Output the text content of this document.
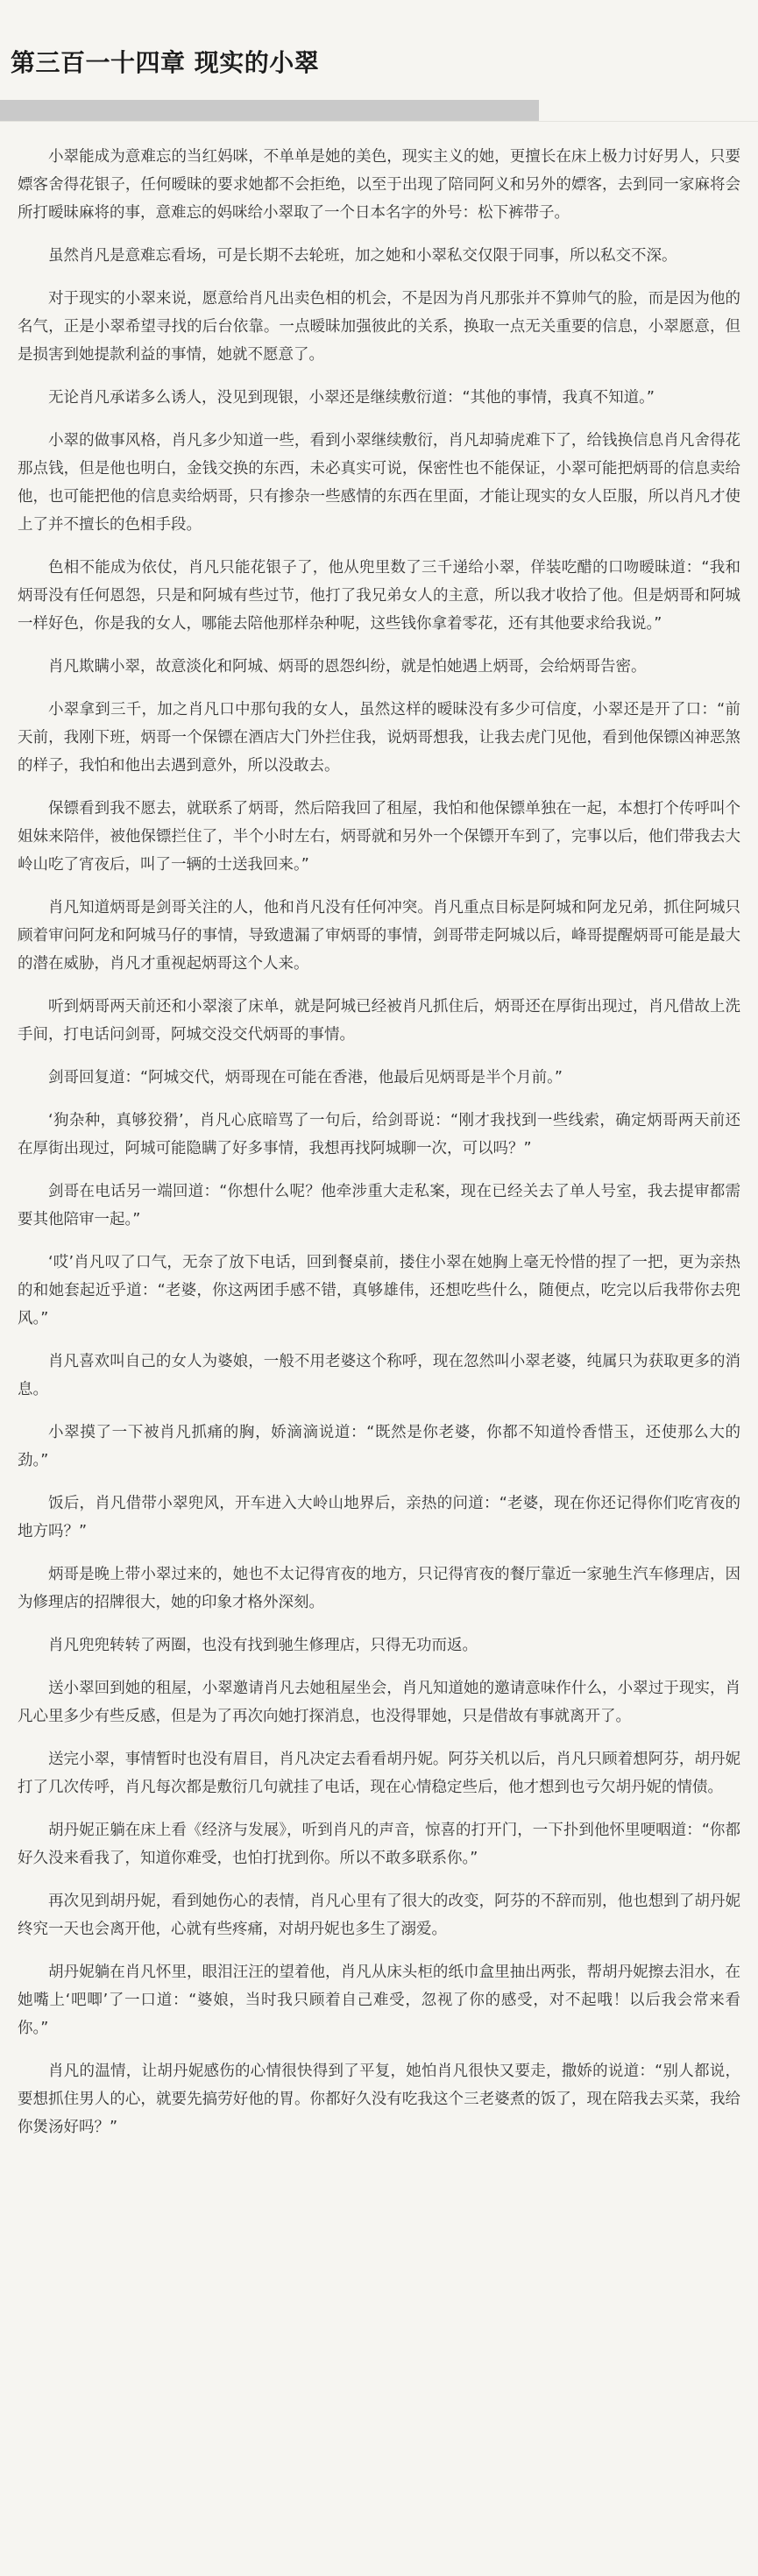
第三百一十四章 现实的小翠

小翠能成为意难忘的当红妈咪，不单单是她的美色，现实主义的她，更擅长在床上极力讨好男人，只要嫖客舍得花银子，任何暧昧的要求她都不会拒绝，以至于出现了陪同阿义和另外的嫖客，去到同一家麻将会所打暧昧麻将的事，意难忘的妈咪给小翠取了一个日本名字的外号：松下裤带子。

虽然肖凡是意难忘看场，可是长期不去轮班，加之她和小翠私交仅限于同事，所以私交不深。

对于现实的小翠来说，愿意给肖凡出卖色相的机会，不是因为肖凡那张并不算帅气的脸，而是因为他的名气，正是小翠希望寻找的后台依靠。一点暧昧加强彼此的关系，换取一点无关重要的信息，小翠愿意，但是损害到她提款利益的事情，她就不愿意了。

无论肖凡承诺多么诱人，没见到现银，小翠还是继续敷衍道：“其他的事情，我真不知道。”

小翠的做事风格，肖凡多少知道一些，看到小翠继续敷衍，肖凡却骑虎难下了，给钱换信息肖凡舍得花那点钱，但是他也明白，金钱交换的东西，未必真实可说，保密性也不能保证，小翠可能把炳哥的信息卖给他，也可能把他的信息卖给炳哥，只有掺杂一些感情的东西在里面，才能让现实的女人臣服，所以肖凡才使上了并不擅长的色相手段。

色相不能成为依仗，肖凡只能花银子了，他从兜里数了三千递给小翠，佯装吃醋的口吻暧昧道：“我和炳哥没有任何恩怨，只是和阿城有些过节，他打了我兄弟女人的主意，所以我才收拾了他。但是炳哥和阿城一样好色，你是我的女人，哪能去陪他那样杂种呢，这些钱你拿着零花，还有其他要求给我说。”

肖凡欺瞒小翠，故意淡化和阿城、炳哥的恩怨纠纷，就是怕她遇上炳哥，会给炳哥告密。

小翠拿到三千，加之肖凡口中那句我的女人，虽然这样的暧昧没有多少可信度，小翠还是开了口：“前天前，我刚下班，炳哥一个保镖在酒店大门外拦住我，说炳哥想我，让我去虎门见他，看到他保镖凶神恶煞的样子，我怕和他出去遇到意外，所以没敢去。

保镖看到我不愿去，就联系了炳哥，然后陪我回了租屋，我怕和他保镖单独在一起，本想打个传呼叫个姐妹来陪伴，被他保镖拦住了，半个小时左右，炳哥就和另外一个保镖开车到了，完事以后，他们带我去大岭山吃了宵夜后，叫了一辆的士送我回来。”

肖凡知道炳哥是剑哥关注的人，他和肖凡没有任何冲突。肖凡重点目标是阿城和阿龙兄弟，抓住阿城只顾着审问阿龙和阿城马仔的事情，导致遗漏了审炳哥的事情，剑哥带走阿城以后，峰哥提醒炳哥可能是最大的潜在威胁，肖凡才重视起炳哥这个人来。

听到炳哥两天前还和小翠滚了床单，就是阿城已经被肖凡抓住后，炳哥还在厚街出现过，肖凡借故上洗手间，打电话问剑哥，阿城交没交代炳哥的事情。

剑哥回复道：“阿城交代，炳哥现在可能在香港，他最后见炳哥是半个月前。”

‘狗杂种，真够狡猾’，肖凡心底暗骂了一句后，给剑哥说：“刚才我找到一些线索，确定炳哥两天前还在厚街出现过，阿城可能隐瞒了好多事情，我想再找阿城聊一次，可以吗？”

剑哥在电话另一端回道：“你想什么呢？他牵涉重大走私案，现在已经关去了单人号室，我去提审都需要其他陪审一起。”

‘哎’肖凡叹了口气，无奈了放下电话，回到餐桌前，搂住小翠在她胸上毫无怜惜的捏了一把，更为亲热的和她套起近乎道：“老婆，你这两团手感不错，真够雄伟，还想吃些什么，随便点，吃完以后我带你去兜风。”

肖凡喜欢叫自己的女人为婆娘，一般不用老婆这个称呼，现在忽然叫小翠老婆，纯属只为获取更多的消息。

小翠摸了一下被肖凡抓痛的胸，娇滴滴说道：“既然是你老婆，你都不知道怜香惜玉，还使那么大的劲。”

饭后，肖凡借带小翠兜风，开车进入大岭山地界后，亲热的问道：“老婆，现在你还记得你们吃宵夜的地方吗？”

炳哥是晚上带小翠过来的，她也不太记得宵夜的地方，只记得宵夜的餐厅靠近一家驰生汽车修理店，因为修理店的招牌很大，她的印象才格外深刻。

肖凡兜兜转转了两圈，也没有找到驰生修理店，只得无功而返。

送小翠回到她的租屋，小翠邀请肖凡去她租屋坐会，肖凡知道她的邀请意味作什么，小翠过于现实，肖凡心里多少有些反感，但是为了再次向她打探消息，也没得罪她，只是借故有事就离开了。

送完小翠，事情暂时也没有眉目，肖凡决定去看看胡丹妮。阿芬关机以后，肖凡只顾着想阿芬，胡丹妮打了几次传呼，肖凡每次都是敷衍几句就挂了电话，现在心情稳定些后，他才想到也亏欠胡丹妮的情债。

胡丹妮正躺在床上看《经济与发展》，听到肖凡的声音，惊喜的打开门，一下扑到他怀里哽咽道：“你都好久没来看我了，知道你难受，也怕打扰到你。所以不敢多联系你。”

再次见到胡丹妮，看到她伤心的表情，肖凡心里有了很大的改变，阿芬的不辞而别，他也想到了胡丹妮终究一天也会离开他，心就有些疼痛，对胡丹妮也多生了溺爱。

胡丹妮躺在肖凡怀里，眼泪汪汪的望着他，肖凡从床头柜的纸巾盒里抽出两张，帮胡丹妮擦去泪水，在她嘴上‘吧唧’了一口道：“婆娘，当时我只顾着自己难受，忽视了你的感受，对不起哦！以后我会常来看你。”

肖凡的温情，让胡丹妮感伤的心情很快得到了平复，她怕肖凡很快又要走，撒娇的说道：“别人都说，要想抓住男人的心，就要先搞劳好他的胃。你都好久没有吃我这个三老婆煮的饭了，现在陪我去买菜，我给你煲汤好吗？”
